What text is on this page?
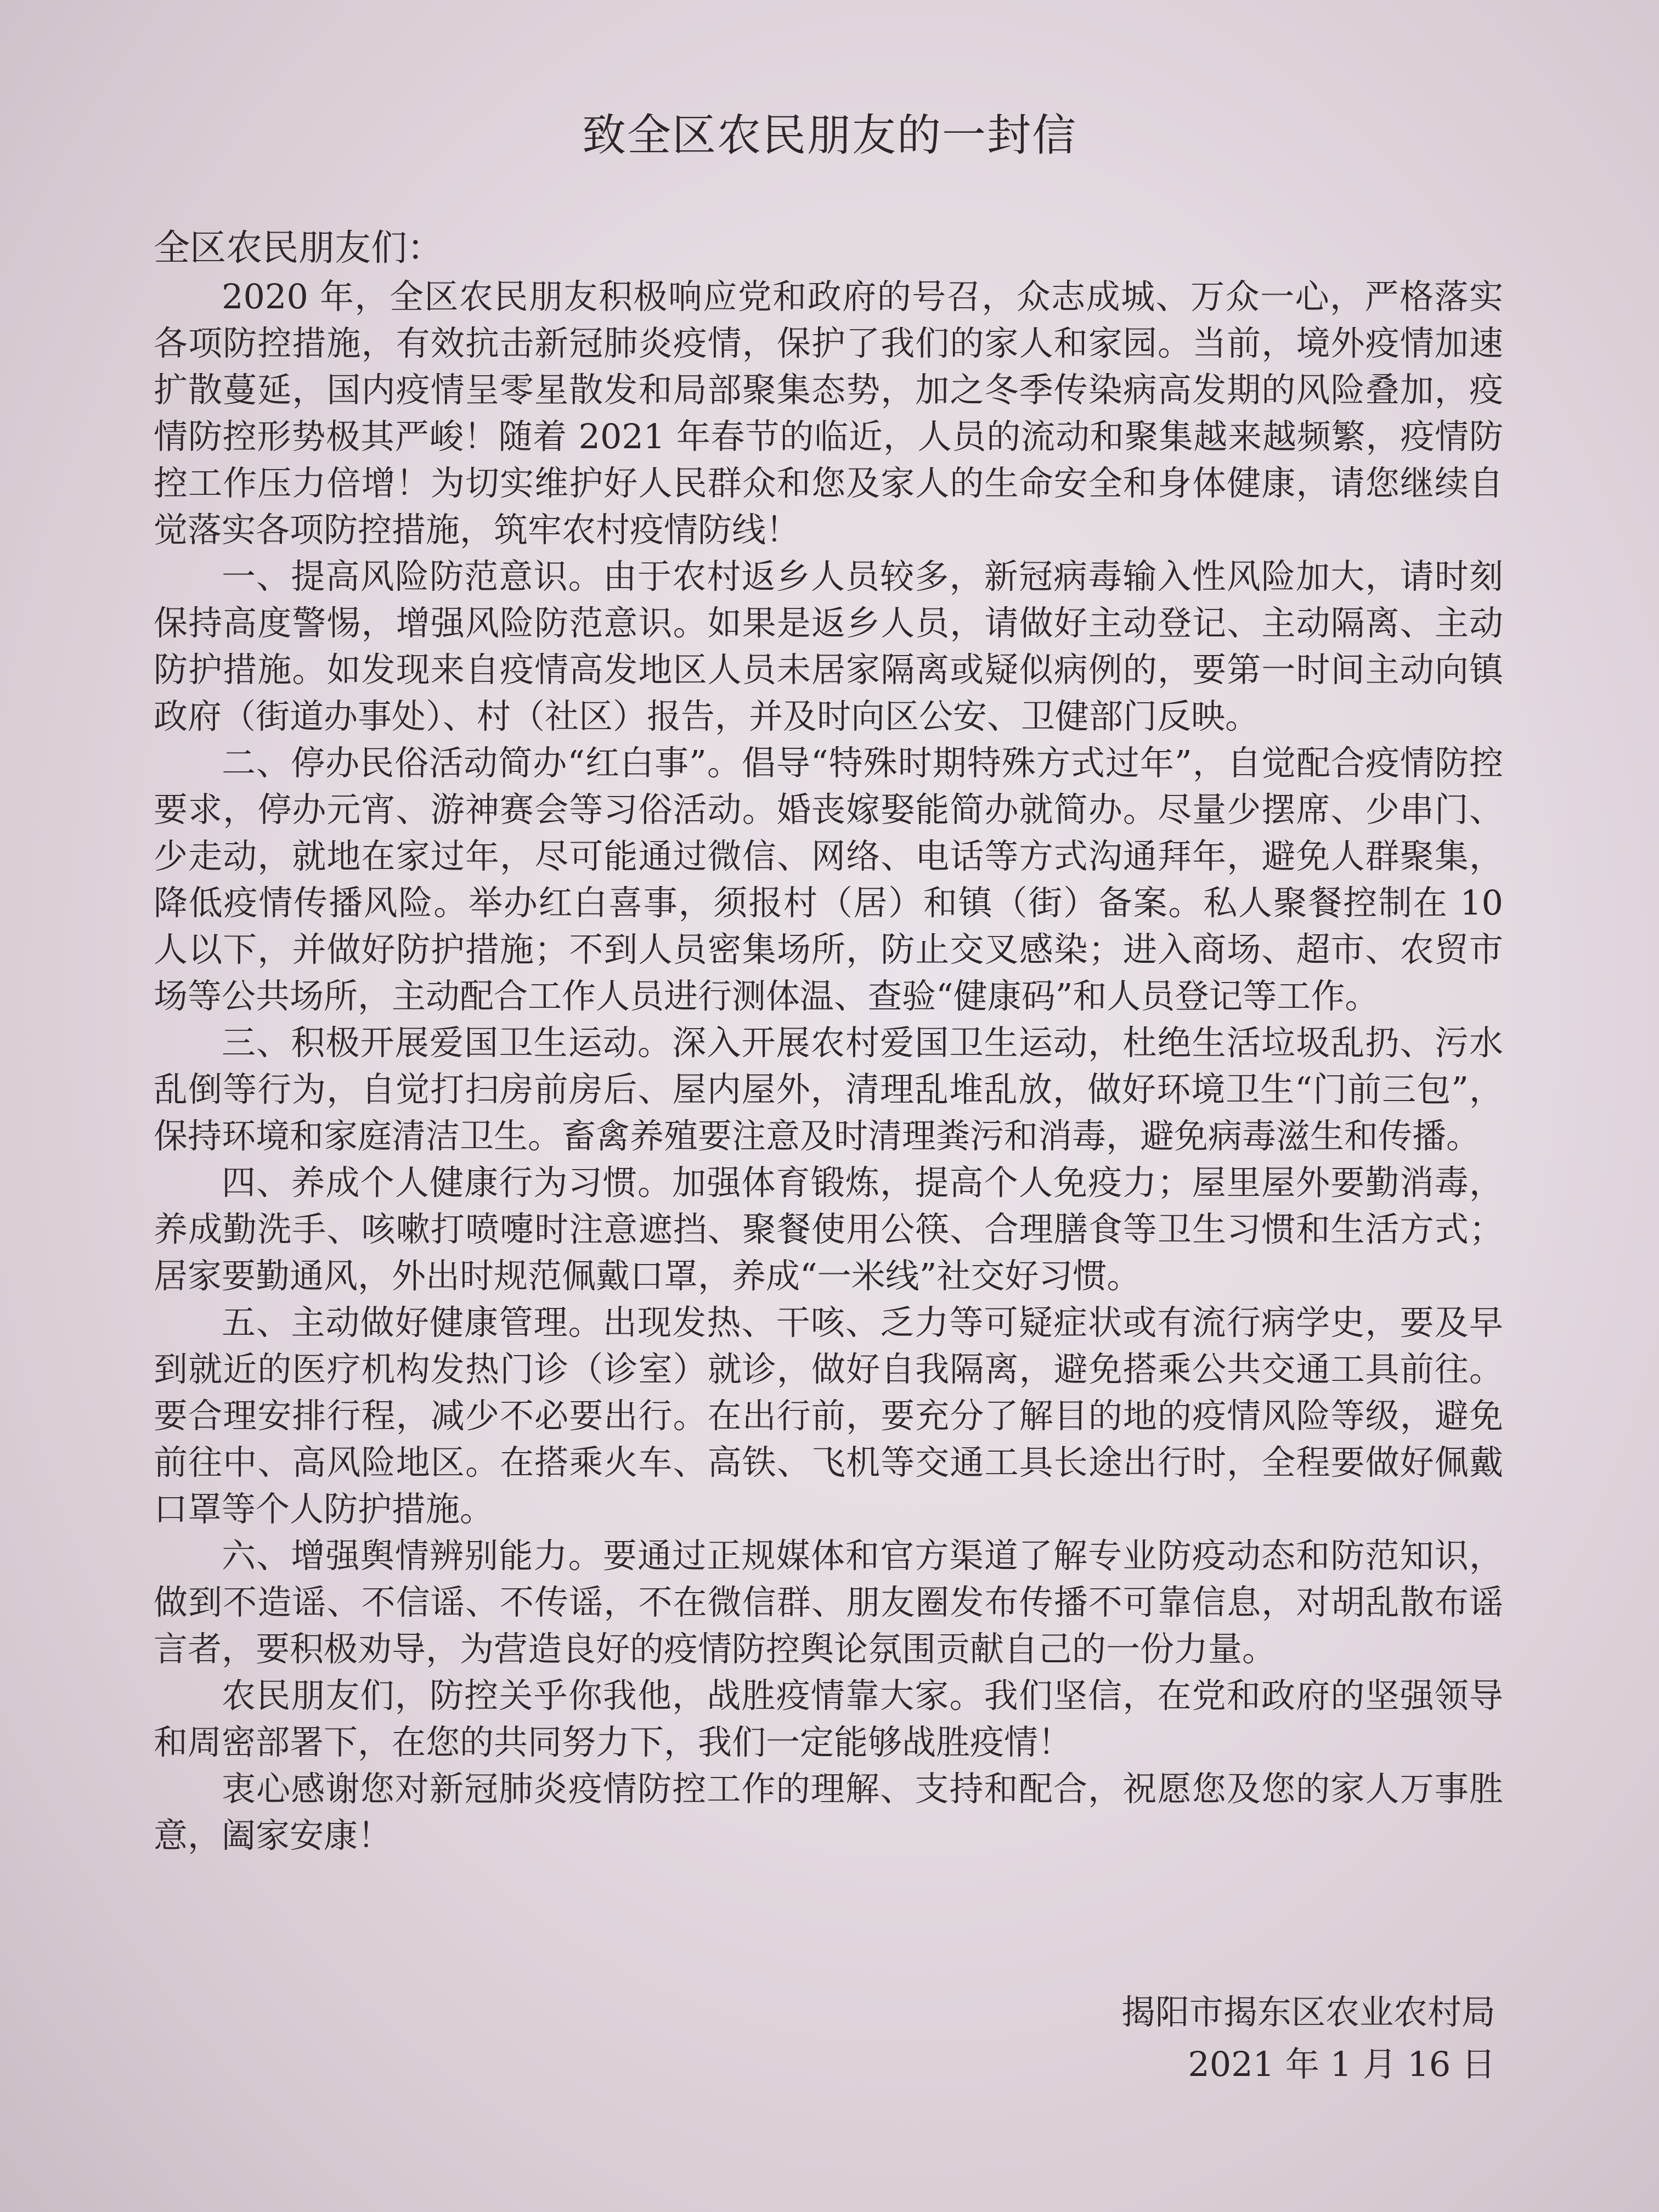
致全区农民朋友的一封信

全区农民朋友们：

2020 年，全区农民朋友积极响应党和政府的号召，众志成城、万众一心，严格落实各项防控措施，有效抗击新冠肺炎疫情，保护了我们的家人和家园。当前，境外疫情加速扩散蔓延，国内疫情呈零星散发和局部聚集态势，加之冬季传染病高发期的风险叠加，疫情防控形势极其严峻！随着 2021 年春节的临近，人员的流动和聚集越来越频繁，疫情防控工作压力倍增！为切实维护好人民群众和您及家人的生命安全和身体健康，请您继续自觉落实各项防控措施，筑牢农村疫情防线！

一、提高风险防范意识。由于农村返乡人员较多，新冠病毒输入性风险加大，请时刻保持高度警惕，增强风险防范意识。如果是返乡人员，请做好主动登记、主动隔离、主动防护措施。如发现来自疫情高发地区人员未居家隔离或疑似病例的，要第一时间主动向镇政府（街道办事处）、村（社区）报告，并及时向区公安、卫健部门反映。

二、停办民俗活动简办“红白事”。倡导“特殊时期特殊方式过年”，自觉配合疫情防控要求，停办元宵、游神赛会等习俗活动。婚丧嫁娶能简办就简办。尽量少摆席、少串门、少走动，就地在家过年，尽可能通过微信、网络、电话等方式沟通拜年，避免人群聚集，降低疫情传播风险。举办红白喜事，须报村（居）和镇（街）备案。私人聚餐控制在 10 人以下，并做好防护措施；不到人员密集场所，防止交叉感染；进入商场、超市、农贸市场等公共场所，主动配合工作人员进行测体温、查验“健康码”和人员登记等工作。

三、积极开展爱国卫生运动。深入开展农村爱国卫生运动，杜绝生活垃圾乱扔、污水乱倒等行为，自觉打扫房前房后、屋内屋外，清理乱堆乱放，做好环境卫生“门前三包”，保持环境和家庭清洁卫生。畜禽养殖要注意及时清理粪污和消毒，避免病毒滋生和传播。

四、养成个人健康行为习惯。加强体育锻炼，提高个人免疫力；屋里屋外要勤消毒，养成勤洗手、咳嗽打喷嚏时注意遮挡、聚餐使用公筷、合理膳食等卫生习惯和生活方式；居家要勤通风，外出时规范佩戴口罩，养成“一米线”社交好习惯。

五、主动做好健康管理。出现发热、干咳、乏力等可疑症状或有流行病学史，要及早到就近的医疗机构发热门诊（诊室）就诊，做好自我隔离，避免搭乘公共交通工具前往。要合理安排行程，减少不必要出行。在出行前，要充分了解目的地的疫情风险等级，避免前往中、高风险地区。在搭乘火车、高铁、飞机等交通工具长途出行时，全程要做好佩戴口罩等个人防护措施。

六、增强舆情辨别能力。要通过正规媒体和官方渠道了解专业防疫动态和防范知识，做到不造谣、不信谣、不传谣，不在微信群、朋友圈发布传播不可靠信息，对胡乱散布谣言者，要积极劝导，为营造良好的疫情防控舆论氛围贡献自己的一份力量。

农民朋友们，防控关乎你我他，战胜疫情靠大家。我们坚信，在党和政府的坚强领导和周密部署下，在您的共同努力下，我们一定能够战胜疫情！

衷心感谢您对新冠肺炎疫情防控工作的理解、支持和配合，祝愿您及您的家人万事胜意，阖家安康！

揭阳市揭东区农业农村局
2021 年 1 月 16 日
